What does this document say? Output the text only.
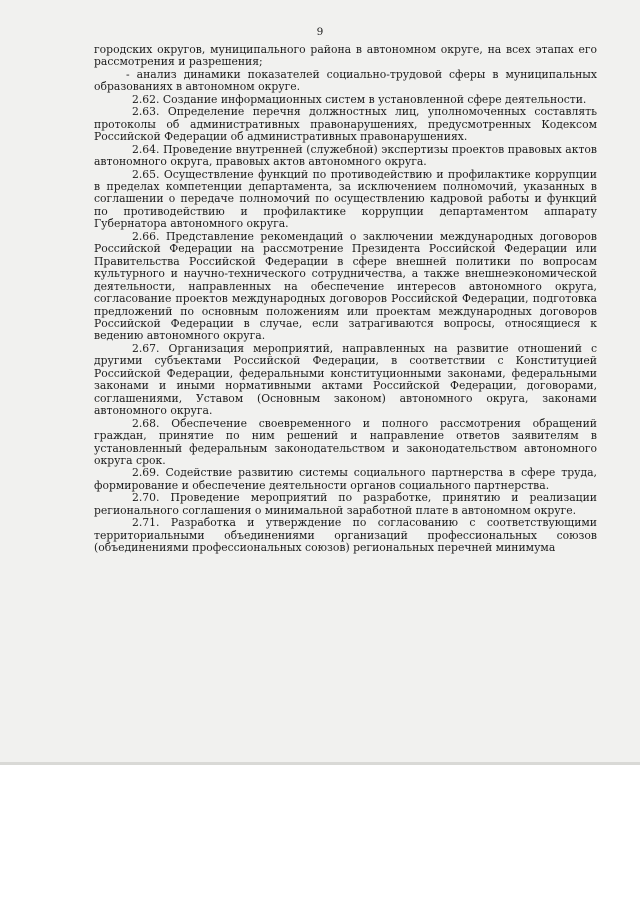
9

городских округов, муниципального района в автономном округе, на всех этапах его рассмотрения и разрешения;

- анализ динамики показателей социально-трудовой сферы в муниципальных образованиях в автономном округе.

2.62. Создание информационных систем в установленной сфере деятельности.

2.63. Определение перечня должностных лиц, уполномоченных составлять протоколы об административных правонарушениях, предусмотренных Кодексом Российской Федерации об административных правонарушениях.

2.64. Проведение внутренней (служебной) экспертизы проектов правовых актов автономного округа, правовых актов автономного округа.

2.65. Осуществление функций по противодействию и профилактике коррупции в пределах компетенции департамента, за исключением полномочий, указанных в соглашении о передаче полномочий по осуществлению кадровой работы и функций по противодействию и профилактике коррупции департаментом аппарату Губернатора автономного округа.

2.66. Представление рекомендаций о заключении международных договоров Российской Федерации на рассмотрение Президента Российской Федерации или Правительства Российской Федерации в сфере внешней политики по вопросам культурного и научно-технического сотрудничества, а также внешнеэкономической деятельности, направленных на обеспечение интересов автономного округа, согласование проектов международных договоров Российской Федерации, подготовка предложений по основным положениям или проектам международных договоров Российской Федерации в случае, если затрагиваются вопросы, относящиеся к ведению автономного округа.

2.67. Организация мероприятий, направленных на развитие отношений с другими субъектами Российской Федерации, в соответствии с Конституцией Российской Федерации, федеральными конституционными законами, федеральными законами и иными нормативными актами Российской Федерации, договорами, соглашениями, Уставом (Основным законом) автономного округа, законами автономного округа.

2.68. Обеспечение своевременного и полного рассмотрения обращений граждан, принятие по ним решений и направление ответов заявителям в установленный федеральным законодательством и законодательством автономного округа срок.

2.69. Содействие развитию системы социального партнерства в сфере труда, формирование и обеспечение деятельности органов социального партнерства.

2.70. Проведение мероприятий по разработке, принятию и реализации регионального соглашения о минимальной заработной плате в автономном округе.

2.71. Разработка и утверждение по согласованию с соответствующими территориальными объединениями организаций профессиональных союзов (объединениями профессиональных союзов) региональных перечней минимума
